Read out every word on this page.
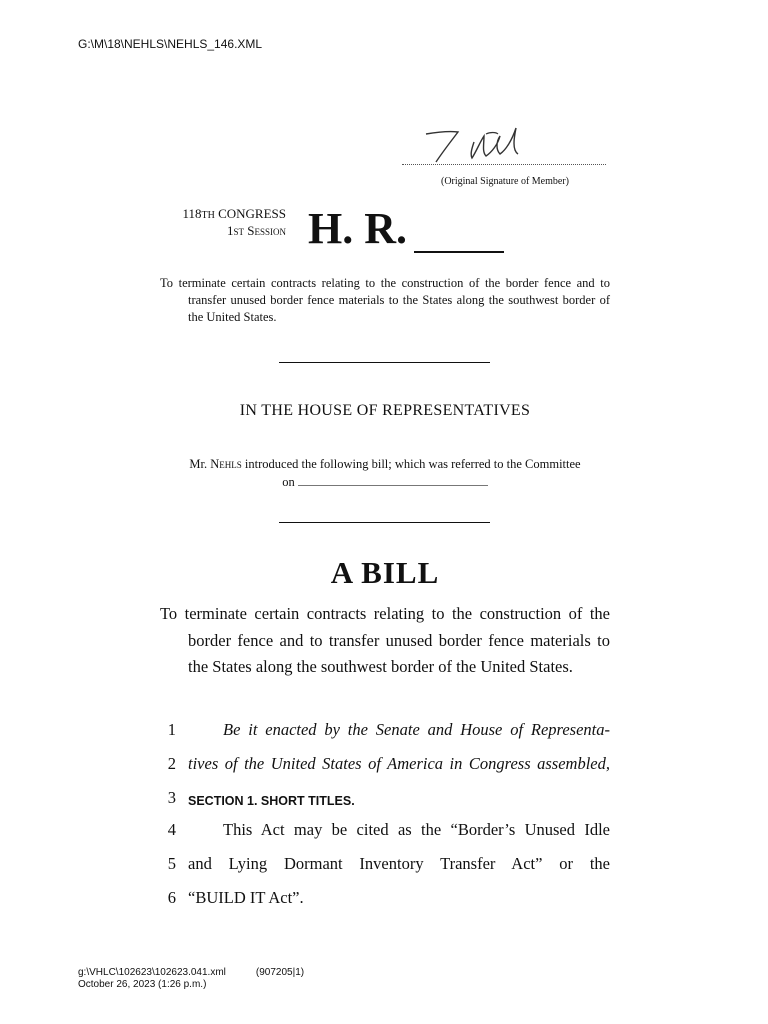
G:\M\18\NEHLS\NEHLS_146.XML
(Original Signature of Member)
118TH CONGRESS
1st Session H. R.
To terminate certain contracts relating to the construction of the border fence and to transfer unused border fence materials to the States along the southwest border of the United States.
IN THE HOUSE OF REPRESENTATIVES
Mr. Nehls introduced the following bill; which was referred to the Committee
on
A BILL
To terminate certain contracts relating to the construction of the border fence and to transfer unused border fence materials to the States along the southwest border of the United States.
1	Be it enacted by the Senate and House of Representa-
2 tives of the United States of America in Congress assembled,
3 SECTION 1. SHORT TITLES.
4	This Act may be cited as the “Border’s Unused Idle
5 and Lying Dormant Inventory Transfer Act” or the
6 “BUILD IT Act”.
g:\VHLC\102623\102623.041.xml	(907205|1)
October 26, 2023 (1:26 p.m.)
